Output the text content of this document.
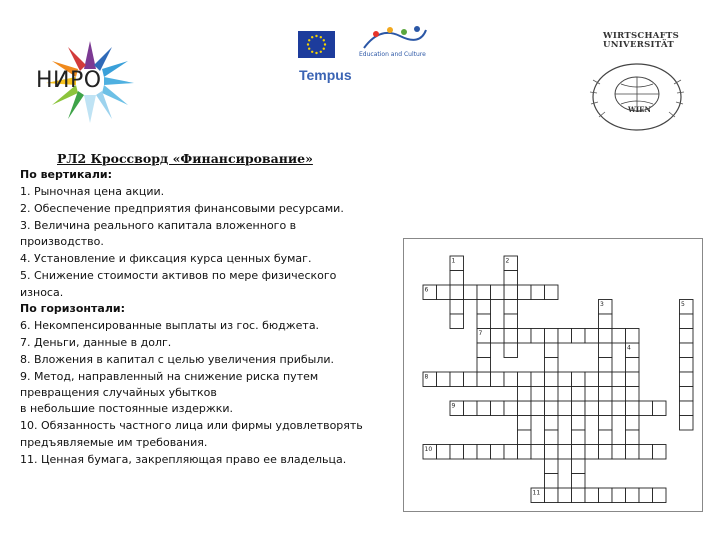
НИРО
Education and Culture
Tempus
WIRTSCHAFTS
UNIVERSITÄT
WIEN
РЛ2 Кроссворд «Финансирование»
По вертикали:
1. Рыночная цена акции.
2. Обеспечение предприятия финансовыми ресурсами.
3. Величина реального капитала вложенного в
производство.
4. Установление и фиксация курса ценных бумаг.
5. Снижение стоимости активов по мере физического
износа.
По горизонтали:
6. Некомпенсированные выплаты из гос. бюджета.
7. Деньги, данные в долг.
8. Вложения в капитал с целью увеличения прибыли.
9. Метод, направленный на снижение риска путем
превращения случайных убытков
в небольшие постоянные издержки.
10. Обязанность частного лица или фирмы удовлетворять
предъявляемые им требования.
11. Ценная бумага, закрепляющая право ее владельца.
1	2
3
4
5
6
7
8
9
10
11
